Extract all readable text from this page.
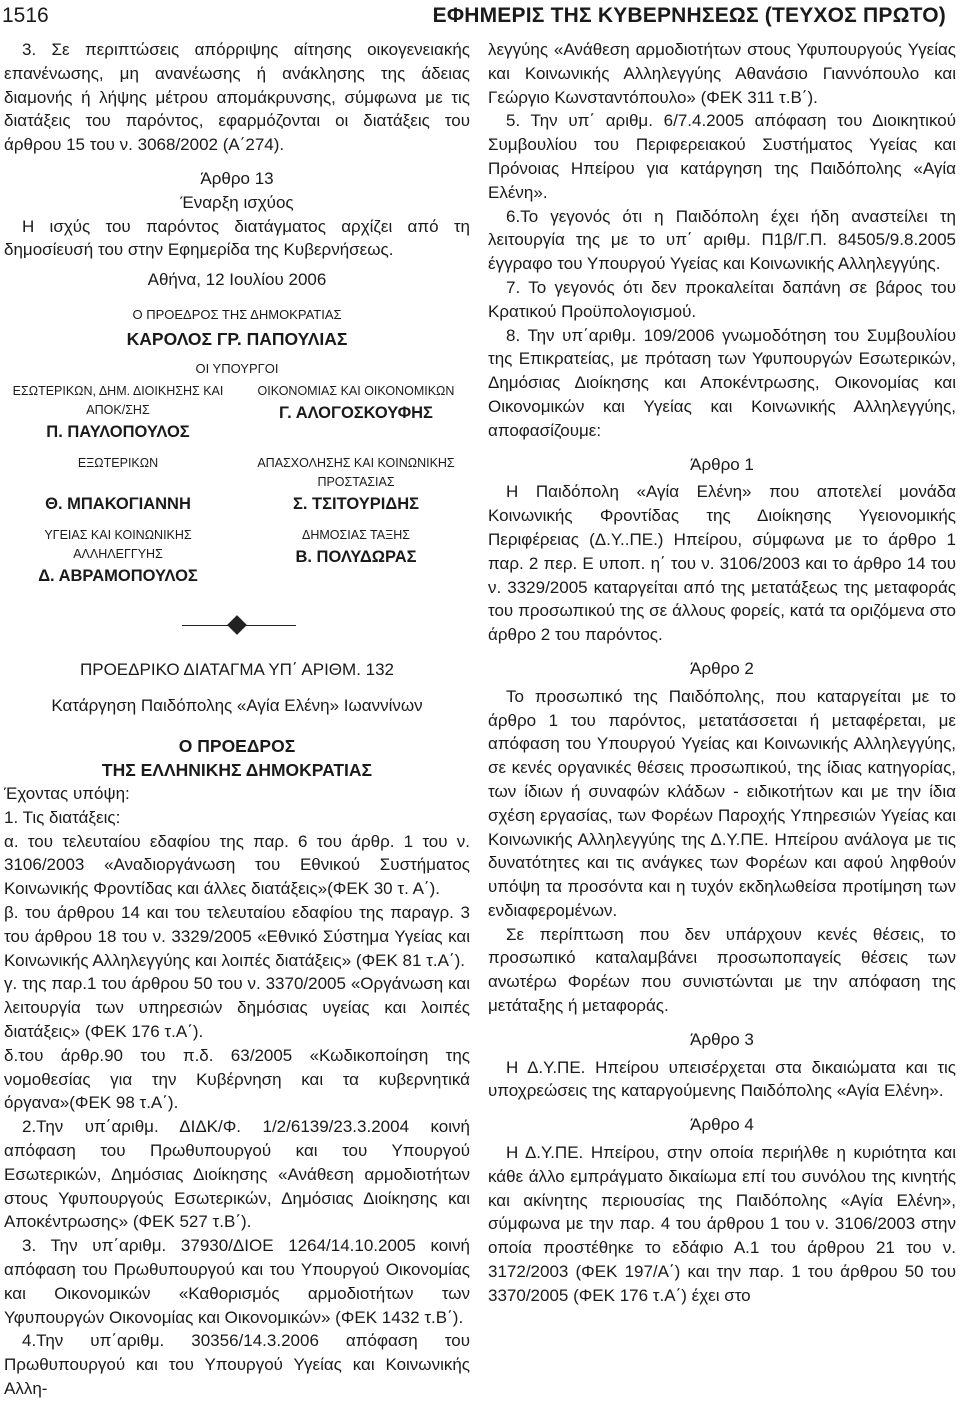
1516	ΕΦΗΜΕΡΙΣ ΤΗΣ ΚΥΒΕΡΝΗΣΕΩΣ (ΤΕΥΧΟΣ ΠΡΩΤΟ)

3. Σε περιπτώσεις απόρριψης αίτησης οικογενειακής επανένωσης, μη ανανέωσης ή ανάκλησης της άδειας διαμονής ή λήψης μέτρου απομάκρυνσης, σύμφωνα με τις διατάξεις του παρόντος, εφαρμόζονται οι διατάξεις του άρθρου 15 του ν. 3068/2002 (Α΄274).

Άρθρο 13

Έναρξη ισχύος

Η ισχύς του παρόντος διατάγματος αρχίζει από τη δημοσίευσή του στην Εφημερίδα της Κυβερνήσεως.

Αθήνα, 12 Ιουλίου 2006

Ο ΠΡΟΕΔΡΟΣ ΤΗΣ ΔΗΜΟΚΡΑΤΙΑΣ
ΚΑΡΟΛΟΣ ΓΡ. ΠΑΠΟΥΛΙΑΣ
ΟΙ ΥΠΟΥΡΓΟΙ
ΕΣΩΤΕΡΙΚΩΝ, ΔΗΜ. ΔΙΟΙΚΗΣΗΣ ΚΑΙ ΑΠΟΚ/ΣΗΣ
Π. ΠΑΥΛΟΠΟΥΛΟΣ
ΟΙΚΟΝΟΜΙΑΣ ΚΑΙ ΟΙΚΟΝΟΜΙΚΩΝ
Γ. ΑΛΟΓΟΣΚΟΥΦΗΣ
ΕΞΩΤΕΡΙΚΩΝ
Θ. ΜΠΑΚΟΓΙΑΝΝΗ
ΑΠΑΣΧΟΛΗΣΗΣ ΚΑΙ ΚΟΙΝΩΝΙΚΗΣ ΠΡΟΣΤΑΣΙΑΣ
Σ. ΤΣΙΤΟΥΡΙΔΗΣ
ΥΓΕΙΑΣ ΚΑΙ ΚΟΙΝΩΝΙΚΗΣ ΑΛΛΗΛΕΓΓΥΗΣ
Δ. ΑΒΡΑΜΟΠΟΥΛΟΣ
ΔΗΜΟΣΙΑΣ ΤΑΞΗΣ
Β. ΠΟΛΥΔΩΡΑΣ
ΠΡΟΕΔΡΙΚΟ ΔΙΑΤΑΓΜΑ ΥΠ΄ ΑΡΙΘΜ. 132
Κατάργηση Παιδόπολης «Αγία Ελένη» Ιωαννίνων
Ο ΠΡΟΕΔΡΟΣ
ΤΗΣ ΕΛΛΗΝΙΚΗΣ ΔΗΜΟΚΡΑΤΙΑΣ

Έχοντας υπόψη:

1. Τις διατάξεις:

α. του τελευταίου εδαφίου της παρ. 6 του άρθρ. 1 του ν. 3106/2003 «Αναδιοργάνωση του Εθνικού Συστήματος Κοινωνικής Φροντίδας και άλλες διατάξεις»(ΦΕΚ 30 τ. Α΄).

β. του άρθρου 14 και του τελευταίου εδαφίου της παραγρ. 3 του άρθρου 18 του ν. 3329/2005 «Εθνικό Σύστημα Υγείας και Κοινωνικής Αλληλεγγύης και λοιπές διατάξεις» (ΦΕΚ 81 τ.Α΄).

γ. της παρ.1 του άρθρου 50 του ν. 3370/2005 «Οργάνωση και λειτουργία των υπηρεσιών δημόσιας υγείας και λοιπές διατάξεις» (ΦΕΚ 176 τ.Α΄).

δ.του άρθρ.90 του π.δ. 63/2005 «Κωδικοποίηση της νομοθεσίας για την Κυβέρνηση και τα κυβερνητικά όργανα»(ΦΕΚ 98 τ.Α΄).

2.Την υπ΄αριθμ. ΔΙΔΚ/Φ. 1/2/6139/23.3.2004 κοινή απόφαση του Πρωθυπουργού και του Υπουργού Εσωτερικών, Δημόσιας Διοίκησης «Ανάθεση αρμοδιοτήτων στους Υφυπουργούς Εσωτερικών, Δημόσιας Διοίκησης και Αποκέντρωσης» (ΦΕΚ 527 τ.Β΄).

3. Την υπ΄αριθμ. 37930/ΔΙΟΕ 1264/14.10.2005 κοινή απόφαση του Πρωθυπουργού και του Υπουργού Οικονομίας και Οικονομικών «Καθορισμός αρμοδιοτήτων των Υφυπουργών Οικονομίας και Οικονομικών» (ΦΕΚ 1432 τ.Β΄).

4.Την υπ΄αριθμ. 30356/14.3.2006 απόφαση του Πρωθυπουργού και του Υπουργού Υγείας και Κοινωνικής Αλλη-

λεγγύης «Ανάθεση αρμοδιοτήτων στους Υφυπουργούς Υγείας και Κοινωνικής Αλληλεγγύης Αθανάσιο Γιαννόπουλο και Γεώργιο Κωνσταντόπουλο» (ΦΕΚ 311 τ.Β΄).

5. Την υπ΄ αριθμ. 6/7.4.2005 απόφαση του Διοικητικού Συμβουλίου του Περιφερειακού Συστήματος Υγείας και Πρόνοιας Ηπείρου για κατάργηση της Παιδόπολης «Αγία Ελένη».

6.Το γεγονός ότι η Παιδόπολη έχει ήδη αναστείλει τη λειτουργία της με το υπ΄ αριθμ. Π1β/Γ.Π. 84505/9.8.2005 έγγραφο του Υπουργού Υγείας και Κοινωνικής Αλληλεγγύης.

7. Το γεγονός ότι δεν προκαλείται δαπάνη σε βάρος του Κρατικού Προϋπολογισμού.

8. Την υπ΄αριθμ. 109/2006 γνωμοδότηση του Συμβουλίου της Επικρατείας, με πρόταση των Υφυπουργών Εσωτερικών, Δημόσιας Διοίκησης και Αποκέντρωσης, Οικονομίας και Οικονομικών και Υγείας και Κοινωνικής Αλληλεγγύης, αποφασίζουμε:

Άρθρο 1

Η Παιδόπολη «Αγία Ελένη» που αποτελεί μονάδα Κοινωνικής Φροντίδας της Διοίκησης Υγειονομικής Περιφέρειας (Δ.Υ..ΠΕ.) Ηπείρου, σύμφωνα με το άρθρο 1 παρ. 2 περ. Ε υποπ. η΄ του ν. 3106/2003 και το άρθρο 14 του ν. 3329/2005 καταργείται από της μετατάξεως της μεταφοράς του προσωπικού της σε άλλους φορείς, κατά τα οριζόμενα στο άρθρο 2 του παρόντος.

Άρθρο 2

Το προσωπικό της Παιδόπολης, που καταργείται με το άρθρο 1 του παρόντος, μετατάσσεται ή μεταφέρεται, με απόφαση του Υπουργού Υγείας και Κοινωνικής Αλληλεγγύης, σε κενές οργανικές θέσεις προσωπικού, της ίδιας κατηγορίας, των ίδιων ή συναφών κλάδων - ειδικοτήτων και με την ίδια σχέση εργασίας, των Φορέων Παροχής Υπηρεσιών Υγείας και Κοινωνικής Αλληλεγγύης της Δ.Υ.ΠΕ. Ηπείρου ανάλογα με τις δυνατότητες και τις ανάγκες των Φορέων και αφού ληφθούν υπόψη τα προσόντα και η τυχόν εκδηλωθείσα προτίμηση των ενδιαφερομένων.

Σε περίπτωση που δεν υπάρχουν κενές θέσεις, το προσωπικό καταλαμβάνει προσωποπαγείς θέσεις των ανωτέρω Φορέων που συνιστώνται με την απόφαση της μετάταξης ή μεταφοράς.

Άρθρο 3

Η Δ.Υ.ΠΕ. Ηπείρου υπεισέρχεται στα δικαιώματα και τις υποχρεώσεις της καταργούμενης Παιδόπολης «Αγία Ελένη».

Άρθρο 4

Η Δ.Υ.ΠΕ. Ηπείρου, στην οποία περιήλθε η κυριότητα και κάθε άλλο εμπράγματο δικαίωμα επί του συνόλου της κινητής και ακίνητης περιουσίας της Παιδόπολης «Αγία Ελένη», σύμφωνα με την παρ. 4 του άρθρου 1 του ν. 3106/2003 στην οποία προστέθηκε το εδάφιο Α.1 του άρθρου 21 του ν. 3172/2003 (ΦΕΚ 197/Α΄) και την παρ. 1 του άρθρου 50 του 3370/2005 (ΦΕΚ 176 τ.Α΄) έχει στο
